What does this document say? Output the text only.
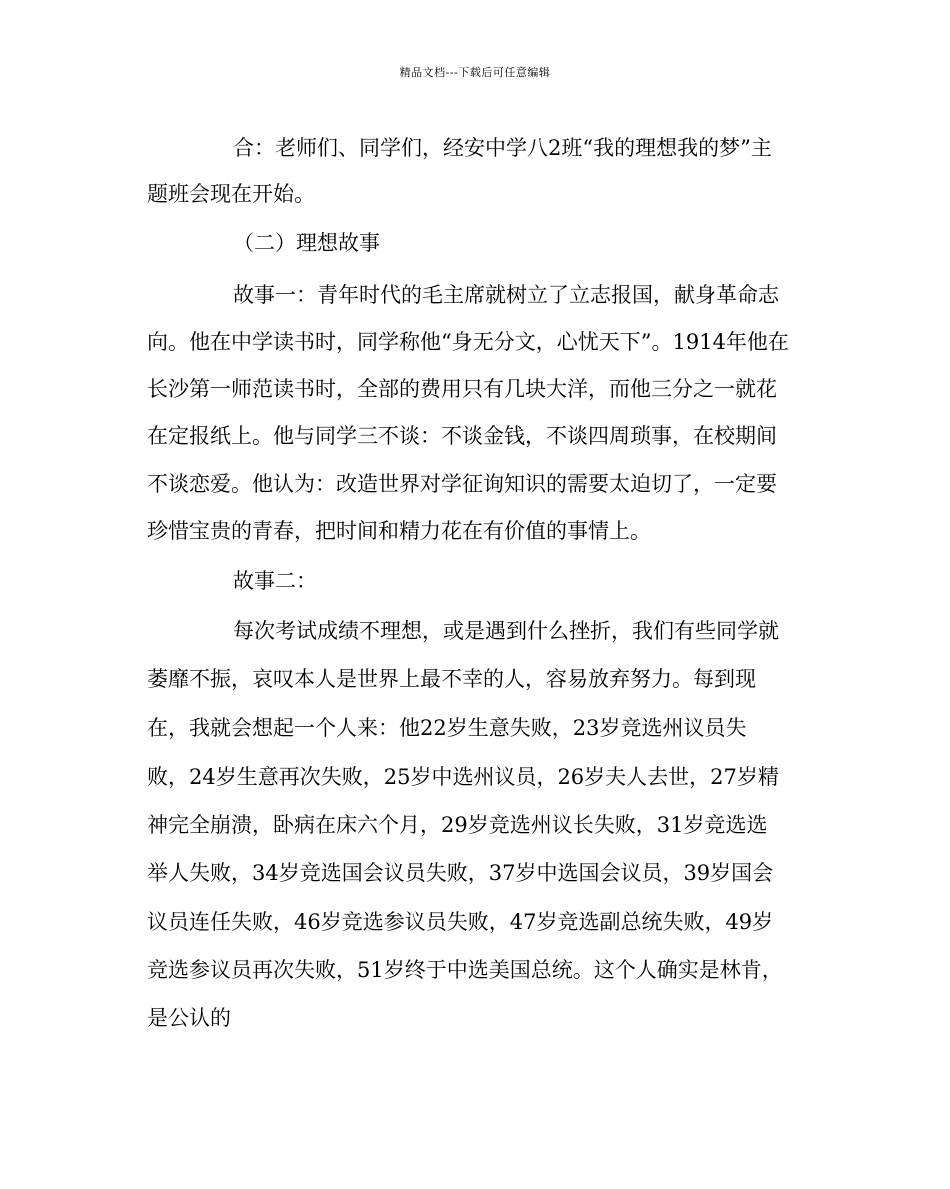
精品文档---下载后可任意编辑

合：老师们、同学们，经安中学八2班“我的理想我的梦”主

题班会现在开始。

（二）理想故事

故事一：青年时代的毛主席就树立了立志报国，献身革命志

向。他在中学读书时，同学称他“身无分文，心忧天下”。1914年他在

长沙第一师范读书时，全部的费用只有几块大洋，而他三分之一就花

在定报纸上。他与同学三不谈：不谈金钱，不谈四周琐事，在校期间

不谈恋爱。他认为：改造世界对学征询知识的需要太迫切了，一定要

珍惜宝贵的青春，把时间和精力花在有价值的事情上。

故事二：

每次考试成绩不理想，或是遇到什么挫折，我们有些同学就

萎靡不振，哀叹本人是世界上最不幸的人，容易放弃努力。每到现

在，我就会想起一个人来：他22岁生意失败，23岁竞选州议员失

败，24岁生意再次失败，25岁中选州议员，26岁夫人去世，27岁精

神完全崩溃，卧病在床六个月，29岁竞选州议长失败，31岁竞选选

举人失败，34岁竞选国会议员失败，37岁中选国会议员，39岁国会

议员连任失败，46岁竞选参议员失败，47岁竞选副总统失败，49岁

竞选参议员再次失败，51岁终于中选美国总统。这个人确实是林肯，

是公认的
